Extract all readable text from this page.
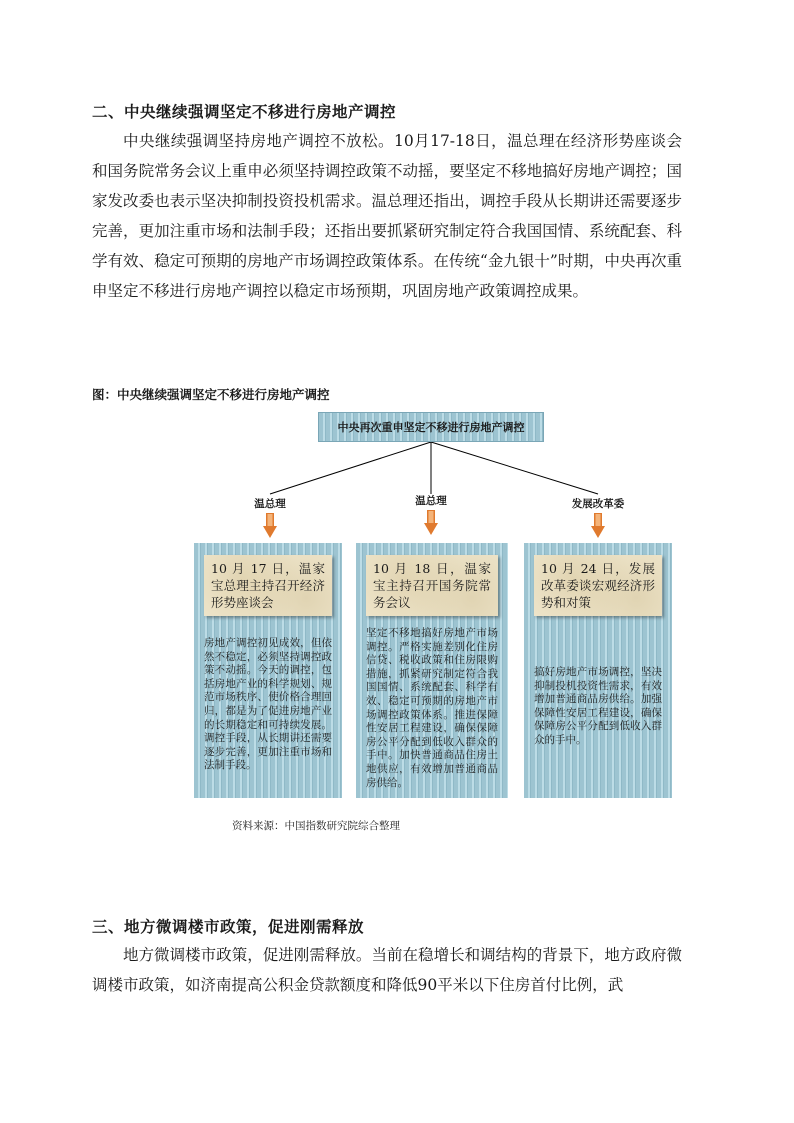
二、中央继续强调坚定不移进行房地产调控

中央继续强调坚持房地产调控不放松。10月17-18日，温总理在经济形势座谈会和国务院常务会议上重申必须坚持调控政策不动摇，要坚定不移地搞好房地产调控；国家发改委也表示坚决抑制投资投机需求。温总理还指出，调控手段从长期讲还需要逐步完善，更加注重市场和法制手段；还指出要抓紧研究制定符合我国国情、系统配套、科学有效、稳定可预期的房地产市场调控政策体系。在传统“金九银十”时期，中央再次重申坚定不移进行房地产调控以稳定市场预期，巩固房地产政策调控成果。

图：中央继续强调坚定不移进行房地产调控
中央再次重申坚定不移进行房地产调控
温总理	温总理	发展改革委
10 月 17 日，温家宝总理主持召开经济形势座谈会
房地产调控初见成效，但依然不稳定，必须坚持调控政策不动摇。今天的调控，包括房地产业的科学规划、规范市场秩序、使价格合理回归，都是为了促进房地产业的长期稳定和可持续发展。调控手段，从长期讲还需要逐步完善，更加注重市场和法制手段。
10 月 18 日，温家宝主持召开国务院常务会议
坚定不移地搞好房地产市场调控。严格实施差别化住房信贷、税收政策和住房限购措施，抓紧研究制定符合我国国情、系统配套、科学有效、稳定可预期的房地产市场调控政策体系。推进保障性安居工程建设，确保保障房公平分配到低收入群众的手中。加快普通商品住房土地供应，有效增加普通商品房供给。
10 月 24 日，发展改革委谈宏观经济形势和对策
搞好房地产市场调控，坚决抑制投机投资性需求，有效增加普通商品房供给。加强保障性安居工程建设，确保保障房公平分配到低收入群众的手中。
资料来源：中国指数研究院综合整理
三、地方微调楼市政策，促进刚需释放

地方微调楼市政策，促进刚需释放。当前在稳增长和调结构的背景下，地方政府微调楼市政策，如济南提高公积金贷款额度和降低90平米以下住房首付比例，武
